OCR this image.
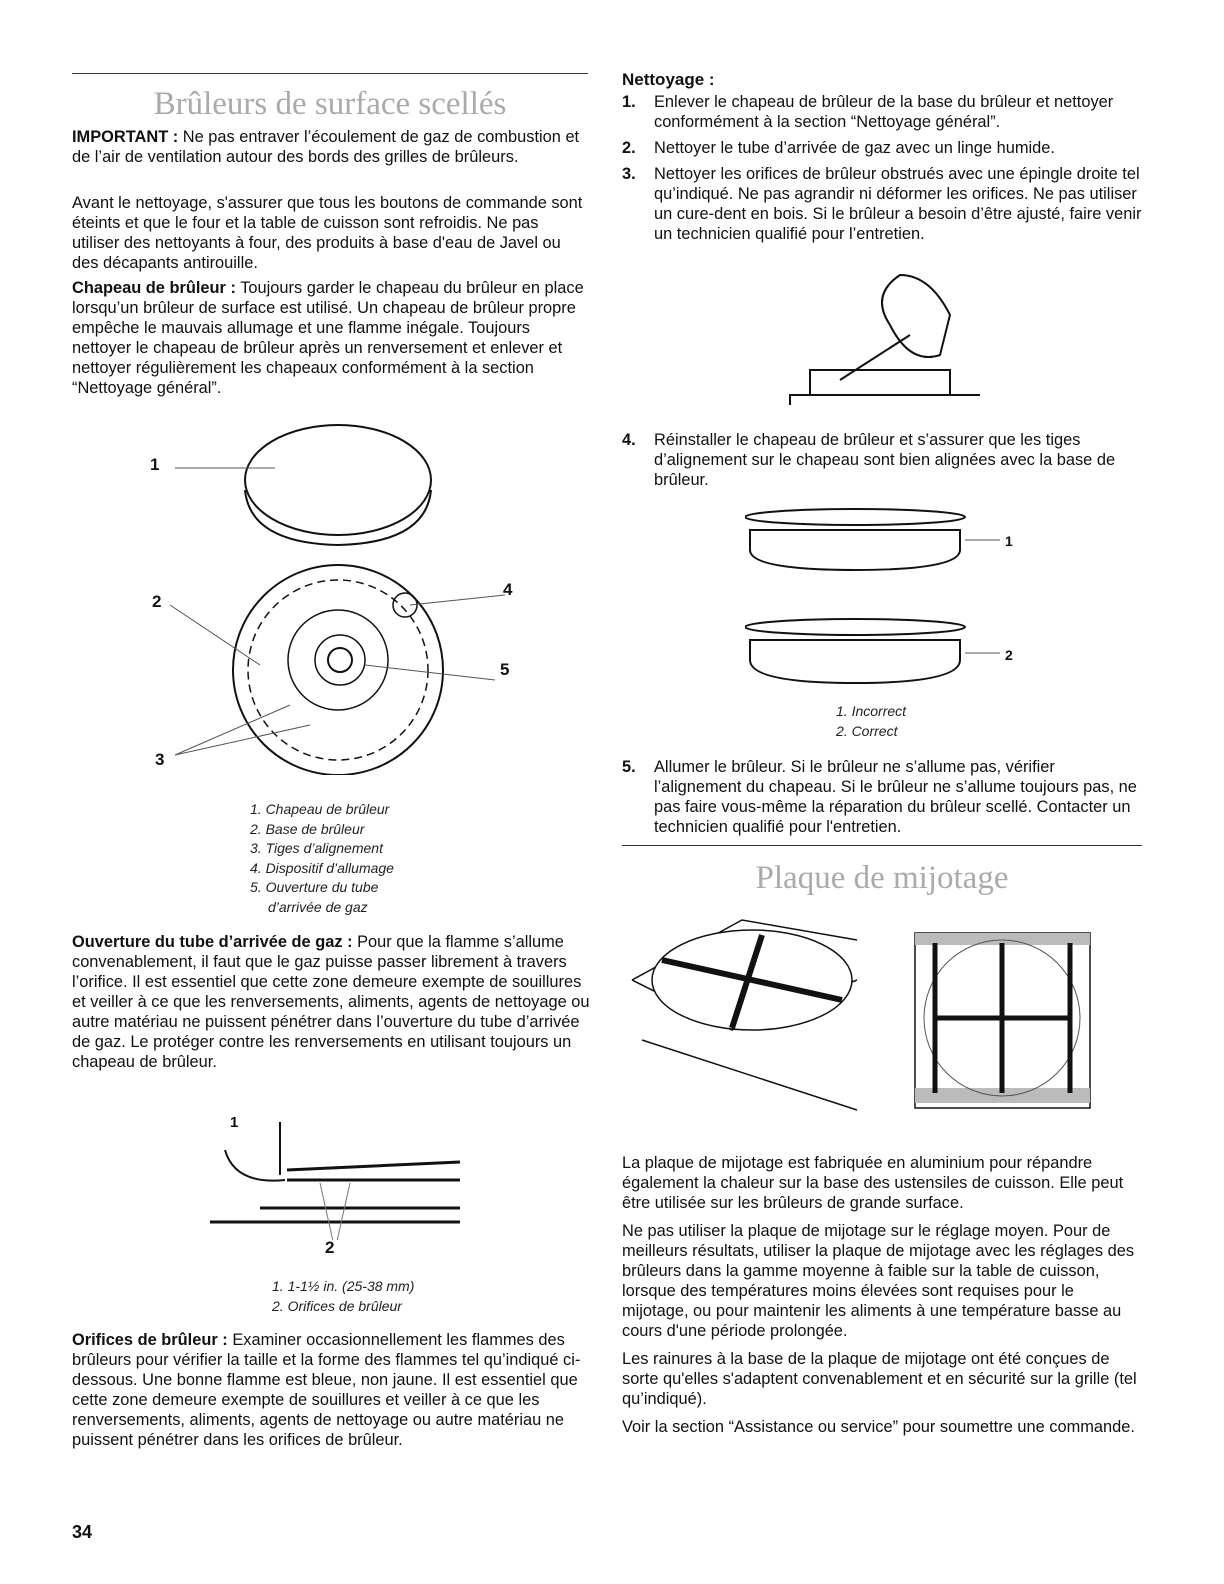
Brûleurs de surface scellés

IMPORTANT : Ne pas entraver l’écoulement de gaz de combustion et de l’air de ventilation autour des bords des grilles de brûleurs.

Avant le nettoyage, s'assurer que tous les boutons de commande sont éteints et que le four et la table de cuisson sont refroidis. Ne pas utiliser des nettoyants à four, des produits à base d'eau de Javel ou des décapants antirouille.

Chapeau de brûleur : Toujours garder le chapeau du brûleur en place lorsqu’un brûleur de surface est utilisé. Un chapeau de brûleur propre empêche le mauvais allumage et une flamme inégale. Toujours nettoyer le chapeau de brûleur après un renversement et enlever et nettoyer régulièrement les chapeaux conformément à la section “Nettoyage général”.

1
2
3
4
5
1. Chapeau de brûleur
2. Base de brûleur
3. Tiges d’alignement
4. Dispositif d’allumage
5. Ouverture du tube
d’arrivée de gaz

Ouverture du tube d’arrivée de gaz : Pour que la flamme s’allume convenablement, il faut que le gaz puisse passer librement à travers l’orifice. Il est essentiel que cette zone demeure exempte de souillures et veiller à ce que les renversements, aliments, agents de nettoyage ou autre matériau ne puissent pénétrer dans l’ouverture du tube d’arrivée de gaz. Le protéger contre les renversements en utilisant toujours un chapeau de brûleur.

1
2
1. 1-1½ in. (25-38 mm)
2. Orifices de brûleur

Orifices de brûleur : Examiner occasionnellement les flammes des brûleurs pour vérifier la taille et la forme des flammes tel qu’indiqué ci-dessous. Une bonne flamme est bleue, non jaune. Il est essentiel que cette zone demeure exempte de souillures et veiller à ce que les renversements, aliments, agents de nettoyage ou autre matériau ne puissent pénétrer dans les orifices de brûleur.

34
Nettoyage :
1. Enlever le chapeau de brûleur de la base du brûleur et nettoyer conformément à la section “Nettoyage général”.
2. Nettoyer le tube d’arrivée de gaz avec un linge humide.
3. Nettoyer les orifices de brûleur obstrués avec une épingle droite tel qu’indiqué. Ne pas agrandir ni déformer les orifices. Ne pas utiliser un cure-dent en bois. Si le brûleur a besoin d’être ajusté, faire venir un technicien qualifié pour l’entretien.
4. Réinstaller le chapeau de brûleur et s’assurer que les tiges d’alignement sur le chapeau sont bien alignées avec la base de brûleur.
1
2
1. Incorrect
2. Correct
5. Allumer le brûleur. Si le brûleur ne s’allume pas, vérifier l’alignement du chapeau. Si le brûleur ne s’allume toujours pas, ne pas faire vous-même la réparation du brûleur scellé. Contacter un technicien qualifié pour l'entretien.
Plaque de mijotage

La plaque de mijotage est fabriquée en aluminium pour répandre également la chaleur sur la base des ustensiles de cuisson. Elle peut être utilisée sur les brûleurs de grande surface.

Ne pas utiliser la plaque de mijotage sur le réglage moyen. Pour de meilleurs résultats, utiliser la plaque de mijotage avec les réglages des brûleurs dans la gamme moyenne à faible sur la table de cuisson, lorsque des températures moins élevées sont requises pour le mijotage, ou pour maintenir les aliments à une température basse au cours d'une période prolongée.

Les rainures à la base de la plaque de mijotage ont été conçues de sorte qu'elles s'adaptent convenablement et en sécurité sur la grille (tel qu’indiqué).

Voir la section “Assistance ou service” pour soumettre une commande.
